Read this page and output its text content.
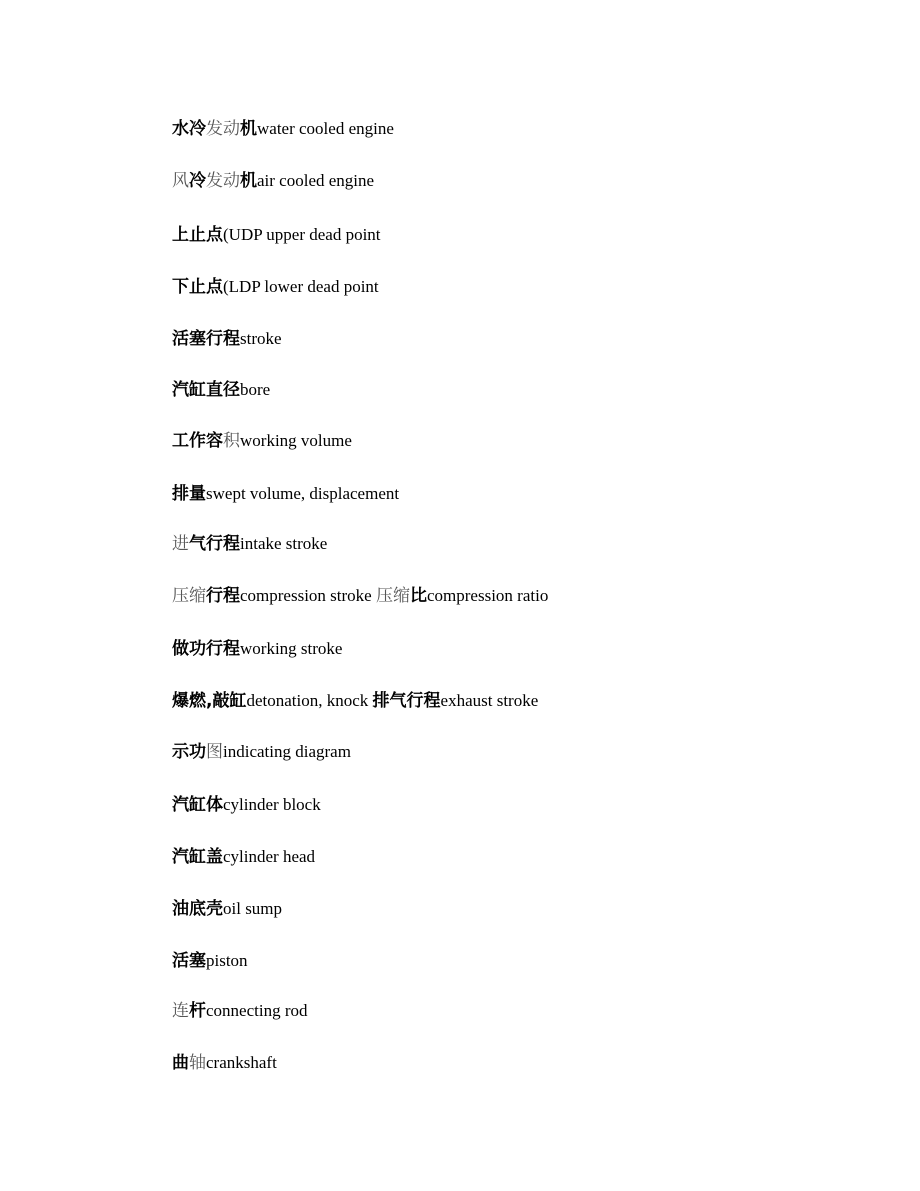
水冷发动机water cooled engine
风冷发动机air cooled engine
上止点(UDP upper dead point
下止点(LDP lower dead point
活塞行程stroke
汽缸直径bore
工作容积working volume
排量swept volume, displacement
进气行程intake stroke
压缩行程compression stroke 压缩比compression ratio
做功行程working stroke
爆燃,敲缸detonation, knock 排气行程exhaust stroke
示功图indicating diagram
汽缸体cylinder block
汽缸盖cylinder head
油底壳oil sump
活塞piston
连杆connecting rod
曲轴crankshaft
